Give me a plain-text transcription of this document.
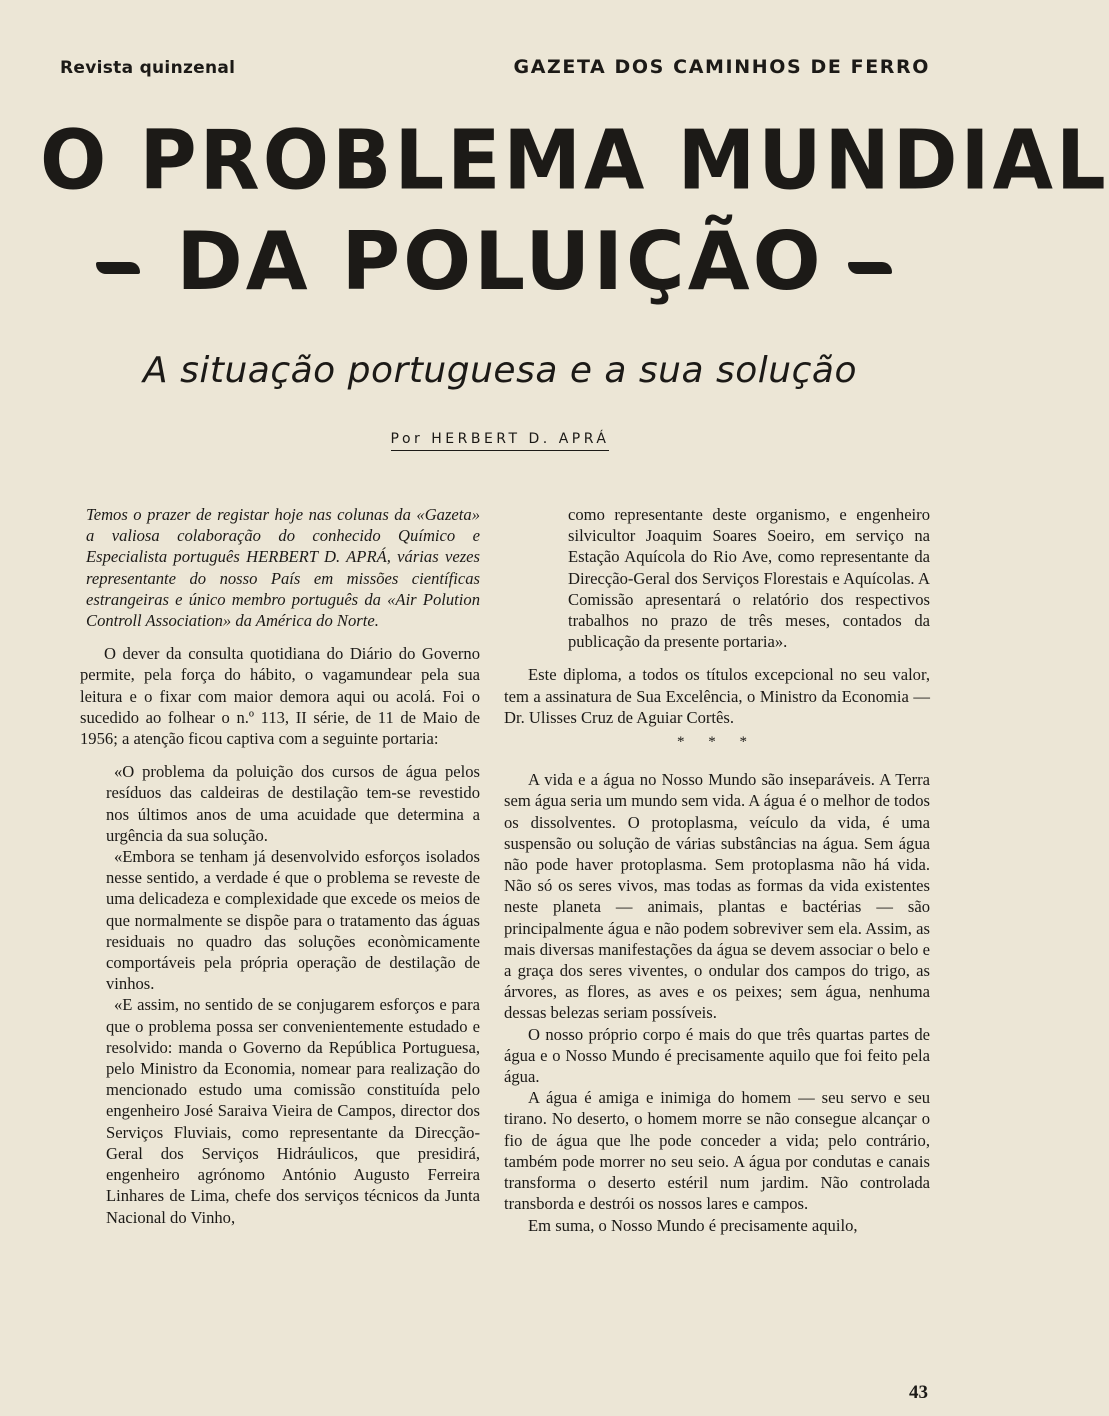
Revista quinzenal	GAZETA DOS CAMINHOS DE FERRO
O PROBLEMA MUNDIAL
DA POLUIÇÃO
A situação portuguesa e a sua solução
Por HERBERT D. APRÁ

Temos o prazer de registar hoje nas colunas da «Gazeta» a valiosa colaboração do conhecido Químico e Especialista português HERBERT D. APRÁ, várias vezes representante do nosso País em missões científicas estrangeiras e único membro português da «Air Polution Controll Association» da América do Norte.

O dever da consulta quotidiana do Diário do Governo permite, pela força do hábito, o vagamundear pela sua leitura e o fixar com maior demora aqui ou acolá. Foi o sucedido ao folhear o n.º 113, II série, de 11 de Maio de 1956; a atenção ficou captiva com a seguinte portaria:

«O problema da poluição dos cursos de água pelos resíduos das caldeiras de destilação tem-se revestido nos últimos anos de uma acuidade que determina a urgência da sua solução.

«Embora se tenham já desenvolvido esforços isolados nesse sentido, a verdade é que o problema se reveste de uma delicadeza e complexidade que excede os meios de que normalmente se dispõe para o tratamento das águas residuais no quadro das soluções econòmicamente comportáveis pela própria operação de destilação de vinhos.

«E assim, no sentido de se conjugarem esforços e para que o problema possa ser convenientemente estudado e resolvido: manda o Governo da República Portuguesa, pelo Ministro da Economia, nomear para realização do mencionado estudo uma comissão constituída pelo engenheiro José Saraiva Vieira de Campos, director dos Serviços Fluviais, como representante da Direcção-Geral dos Serviços Hidráulicos, que presidirá, engenheiro agrónomo António Augusto Ferreira Linhares de Lima, chefe dos serviços técnicos da Junta Nacional do Vinho,

como representante deste organismo, e engenheiro silvicultor Joaquim Soares Soeiro, em serviço na Estação Aquícola do Rio Ave, como representante da Direcção-Geral dos Serviços Florestais e Aquícolas. A Comissão apresentará o relatório dos respectivos trabalhos no prazo de três meses, contados da publicação da presente portaria».

Este diploma, a todos os títulos excepcional no seu valor, tem a assinatura de Sua Excelência, o Ministro da Economia — Dr. Ulisses Cruz de Aguiar Cortês.

* * *

A vida e a água no Nosso Mundo são inseparáveis. A Terra sem água seria um mundo sem vida. A água é o melhor de todos os dissolventes. O protoplasma, veículo da vida, é uma suspensão ou solução de várias substâncias na água. Sem água não pode haver protoplasma. Sem protoplasma não há vida. Não só os seres vivos, mas todas as formas da vida existentes neste planeta — animais, plantas e bactérias — são principalmente água e não podem sobreviver sem ela. Assim, as mais diversas manifestações da água se devem associar o belo e a graça dos seres viventes, o ondular dos campos do trigo, as árvores, as flores, as aves e os peixes; sem água, nenhuma dessas belezas seriam possíveis.

O nosso próprio corpo é mais do que três quartas partes de água e o Nosso Mundo é precisamente aquilo que foi feito pela água.

A água é amiga e inimiga do homem — seu servo e seu tirano. No deserto, o homem morre se não consegue alcançar o fio de água que lhe pode conceder a vida; pelo contrário, também pode morrer no seu seio. A água por condutas e canais transforma o deserto estéril num jardim. Não controlada transborda e destrói os nossos lares e campos.

Em suma, o Nosso Mundo é precisamente aquilo,

43
